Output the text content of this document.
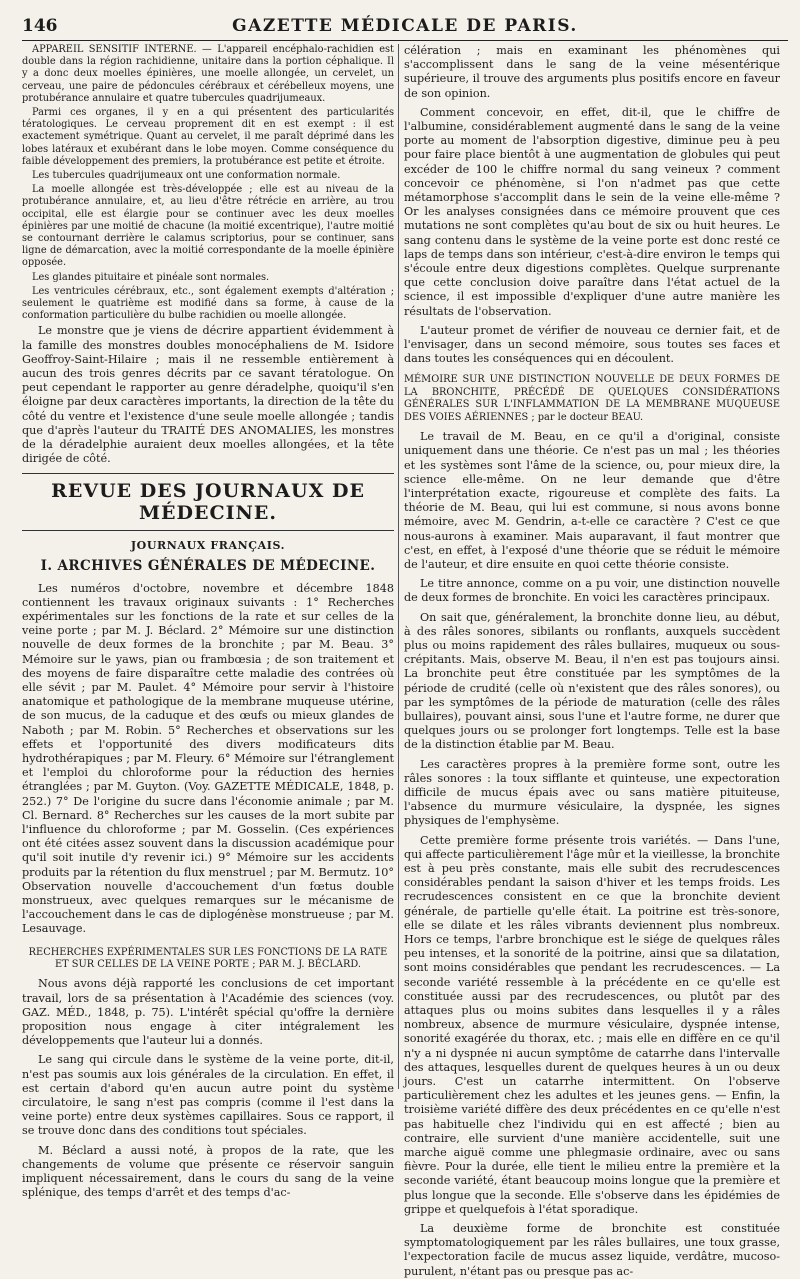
146	GAZETTE MÉDICALE DE PARIS.

APPAREIL SENSITIF INTERNE. — L'appareil encéphalo-rachidien est double dans la région rachidienne, unitaire dans la portion céphalique. Il y a donc deux moelles épinières, une moelle allongée, un cervelet, un cerveau, une paire de pédoncules cérébraux et cérébelleux moyens, une protubérance annulaire et quatre tubercules quadrijumeaux.

Parmi ces organes, il y en a qui présentent des particularités tératologiques. Le cerveau proprement dit en est exempt : il est exactement symétrique. Quant au cervelet, il me paraît déprimé dans les lobes latéraux et exubérant dans le lobe moyen. Comme conséquence du faible développement des premiers, la protubérance est petite et étroite.

Les tubercules quadrijumeaux ont une conformation normale.

La moelle allongée est très-développée ; elle est au niveau de la protubérance annulaire, et, au lieu d'être rétrécie en arrière, au trou occipital, elle est élargie pour se continuer avec les deux moelles épinières par une moitié de chacune (la moitié excentrique), l'autre moitié se contournant derrière le calamus scriptorius, pour se continuer, sans ligne de démarcation, avec la moitié correspondante de la moelle épinière opposée.

Les glandes pituitaire et pinéale sont normales.

Les ventricules cérébraux, etc., sont également exempts d'altération ; seulement le quatrième est modifié dans sa forme, à cause de la conformation particulière du bulbe rachidien ou moelle allongée.

Le monstre que je viens de décrire appartient évidemment à la famille des monstres doubles monocéphaliens de M. Isidore Geoffroy-Saint-Hilaire ; mais il ne ressemble entièrement à aucun des trois genres décrits par ce savant tératologue. On peut cependant le rapporter au genre déradelphe, quoiqu'il s'en éloigne par deux caractères importants, la direction de la tête du côté du ventre et l'existence d'une seule moelle allongée ; tandis que d'après l'auteur du TRAITÉ DES ANOMALIES, les monstres de la déradelphie auraient deux moelles allongées, et la tête dirigée de côté.

REVUE DES JOURNAUX DE MÉDECINE.
JOURNAUX FRANÇAIS.
I. ARCHIVES GÉNÉRALES DE MÉDECINE.

Les numéros d'octobre, novembre et décembre 1848 contiennent les travaux originaux suivants : 1° Recherches expérimentales sur les fonctions de la rate et sur celles de la veine porte ; par M. J. Béclard. 2° Mémoire sur une distinction nouvelle de deux formes de la bronchite ; par M. Beau. 3° Mémoire sur le yaws, pian ou frambœsia ; de son traitement et des moyens de faire disparaître cette maladie des contrées où elle sévit ; par M. Paulet. 4° Mémoire pour servir à l'histoire anatomique et pathologique de la membrane muqueuse utérine, de son mucus, de la caduque et des œufs ou mieux glandes de Naboth ; par M. Robin. 5° Recherches et observations sur les effets et l'opportunité des divers modificateurs dits hydrothérapiques ; par M. Fleury. 6° Mémoire sur l'étranglement et l'emploi du chloroforme pour la réduction des hernies étranglées ; par M. Guyton. (Voy. GAZETTE MÉDICALE, 1848, p. 252.) 7° De l'origine du sucre dans l'économie animale ; par M. Cl. Bernard. 8° Recherches sur les causes de la mort subite par l'influence du chloroforme ; par M. Gosselin. (Ces expériences ont été citées assez souvent dans la discussion académique pour qu'il soit inutile d'y revenir ici.) 9° Mémoire sur les accidents produits par la rétention du flux menstruel ; par M. Bermutz. 10° Observation nouvelle d'accouchement d'un fœtus double monstrueux, avec quelques remarques sur le mécanisme de l'accouchement dans le cas de diplogénèse monstrueuse ; par M. Lesauvage.

RECHERCHES EXPÉRIMENTALES SUR LES FONCTIONS DE LA RATE ET SUR CELLES DE LA VEINE PORTE ; PAR M. J. BÉCLARD.

Nous avons déjà rapporté les conclusions de cet important travail, lors de sa présentation à l'Académie des sciences (voy. GAZ. MÉD., 1848, p. 75). L'intérêt spécial qu'offre la dernière proposition nous engage à citer intégralement les développements que l'auteur lui a donnés.

Le sang qui circule dans le système de la veine porte, dit-il, n'est pas soumis aux lois générales de la circulation. En effet, il est certain d'abord qu'en aucun autre point du système circulatoire, le sang n'est pas compris (comme il l'est dans la veine porte) entre deux systèmes capillaires. Sous ce rapport, il se trouve donc dans des conditions tout spéciales.

M. Béclard a aussi noté, à propos de la rate, que les changements de volume que présente ce réservoir sanguin impliquent nécessairement, dans le cours du sang de la veine splénique, des temps d'arrêt et des temps d'ac-

célération ; mais en examinant les phénomènes qui s'accomplissent dans le sang de la veine mésentérique supérieure, il trouve des arguments plus positifs encore en faveur de son opinion.

Comment concevoir, en effet, dit-il, que le chiffre de l'albumine, considérablement augmenté dans le sang de la veine porte au moment de l'absorption digestive, diminue peu à peu pour faire place bientôt à une augmentation de globules qui peut excéder de 100 le chiffre normal du sang veineux ? comment concevoir ce phénomène, si l'on n'admet pas que cette métamorphose s'accomplit dans le sein de la veine elle-même ? Or les analyses consignées dans ce mémoire prouvent que ces mutations ne sont complètes qu'au bout de six ou huit heures. Le sang contenu dans le système de la veine porte est donc resté ce laps de temps dans son intérieur, c'est-à-dire environ le temps qui s'écoule entre deux digestions complètes. Quelque surprenante que cette conclusion doive paraître dans l'état actuel de la science, il est impossible d'expliquer d'une autre manière les résultats de l'observation.

L'auteur promet de vérifier de nouveau ce dernier fait, et de l'envisager, dans un second mémoire, sous toutes ses faces et dans toutes les conséquences qui en découlent.

MÉMOIRE SUR UNE DISTINCTION NOUVELLE DE DEUX FORMES DE LA BRONCHITE, PRÉCÉDÉ DE QUELQUES CONSIDÉRATIONS GÉNÉRALES SUR L'INFLAMMATION DE LA MEMBRANE MUQUEUSE DES VOIES AÉRIENNES ; par le docteur BEAU.

Le travail de M. Beau, en ce qu'il a d'original, consiste uniquement dans une théorie. Ce n'est pas un mal ; les théories et les systèmes sont l'âme de la science, ou, pour mieux dire, la science elle-même. On ne leur demande que d'être l'interprétation exacte, rigoureuse et complète des faits. La théorie de M. Beau, qui lui est commune, si nous avons bonne mémoire, avec M. Gendrin, a-t-elle ce caractère ? C'est ce que nous-aurons à examiner. Mais auparavant, il faut montrer que c'est, en effet, à l'exposé d'une théorie que se réduit le mémoire de l'auteur, et dire ensuite en quoi cette théorie consiste.

Le titre annonce, comme on a pu voir, une distinction nouvelle de deux formes de bronchite. En voici les caractères principaux.

On sait que, généralement, la bronchite donne lieu, au début, à des râles sonores, sibilants ou ronflants, auxquels succèdent plus ou moins rapidement des râles bullaires, muqueux ou sous-crépitants. Mais, observe M. Beau, il n'en est pas toujours ainsi. La bronchite peut être constituée par les symptômes de la période de crudité (celle où n'existent que des râles sonores), ou par les symptômes de la période de maturation (celle des râles bullaires), pouvant ainsi, sous l'une et l'autre forme, ne durer que quelques jours ou se prolonger fort longtemps. Telle est la base de la distinction établie par M. Beau.

Les caractères propres à la première forme sont, outre les râles sonores : la toux sifflante et quinteuse, une expectoration difficile de mucus épais avec ou sans matière pituiteuse, l'absence du murmure vésiculaire, la dyspnée, les signes physiques de l'emphysème.

Cette première forme présente trois variétés. — Dans l'une, qui affecte particulièrement l'âge mûr et la vieillesse, la bronchite est à peu près constante, mais elle subit des recrudescences considérables pendant la saison d'hiver et les temps froids. Les recrudescences consistent en ce que la bronchite devient générale, de partielle qu'elle était. La poitrine est très-sonore, elle se dilate et les râles vibrants deviennent plus nombreux. Hors ce temps, l'arbre bronchique est le siége de quelques râles peu intenses, et la sonorité de la poitrine, ainsi que sa dilatation, sont moins considérables que pendant les recrudescences. — La seconde variété ressemble à la précédente en ce qu'elle est constituée aussi par des recrudescences, ou plutôt par des attaques plus ou moins subites dans lesquelles il y a râles nombreux, absence de murmure vésiculaire, dyspnée intense, sonorité exagérée du thorax, etc. ; mais elle en diffère en ce qu'il n'y a ni dyspnée ni aucun symptôme de catarrhe dans l'intervalle des attaques, lesquelles durent de quelques heures à un ou deux jours. C'est un catarrhe intermittent. On l'observe particulièrement chez les adultes et les jeunes gens. — Enfin, la troisième variété diffère des deux précédentes en ce qu'elle n'est pas habituelle chez l'individu qui en est affecté ; bien au contraire, elle survient d'une manière accidentelle, suit une marche aiguë comme une phlegmasie ordinaire, avec ou sans fièvre. Pour la durée, elle tient le milieu entre la première et la seconde variété, étant beaucoup moins longue que la première et plus longue que la seconde. Elle s'observe dans les épidémies de grippe et quelquefois à l'état sporadique.

La deuxième forme de bronchite est constituée symptomatologiquement par les râles bullaires, une toux grasse, l'expectoration facile de mucus assez liquide, verdâtre, mucoso-purulent, n'étant pas ou presque pas ac-
